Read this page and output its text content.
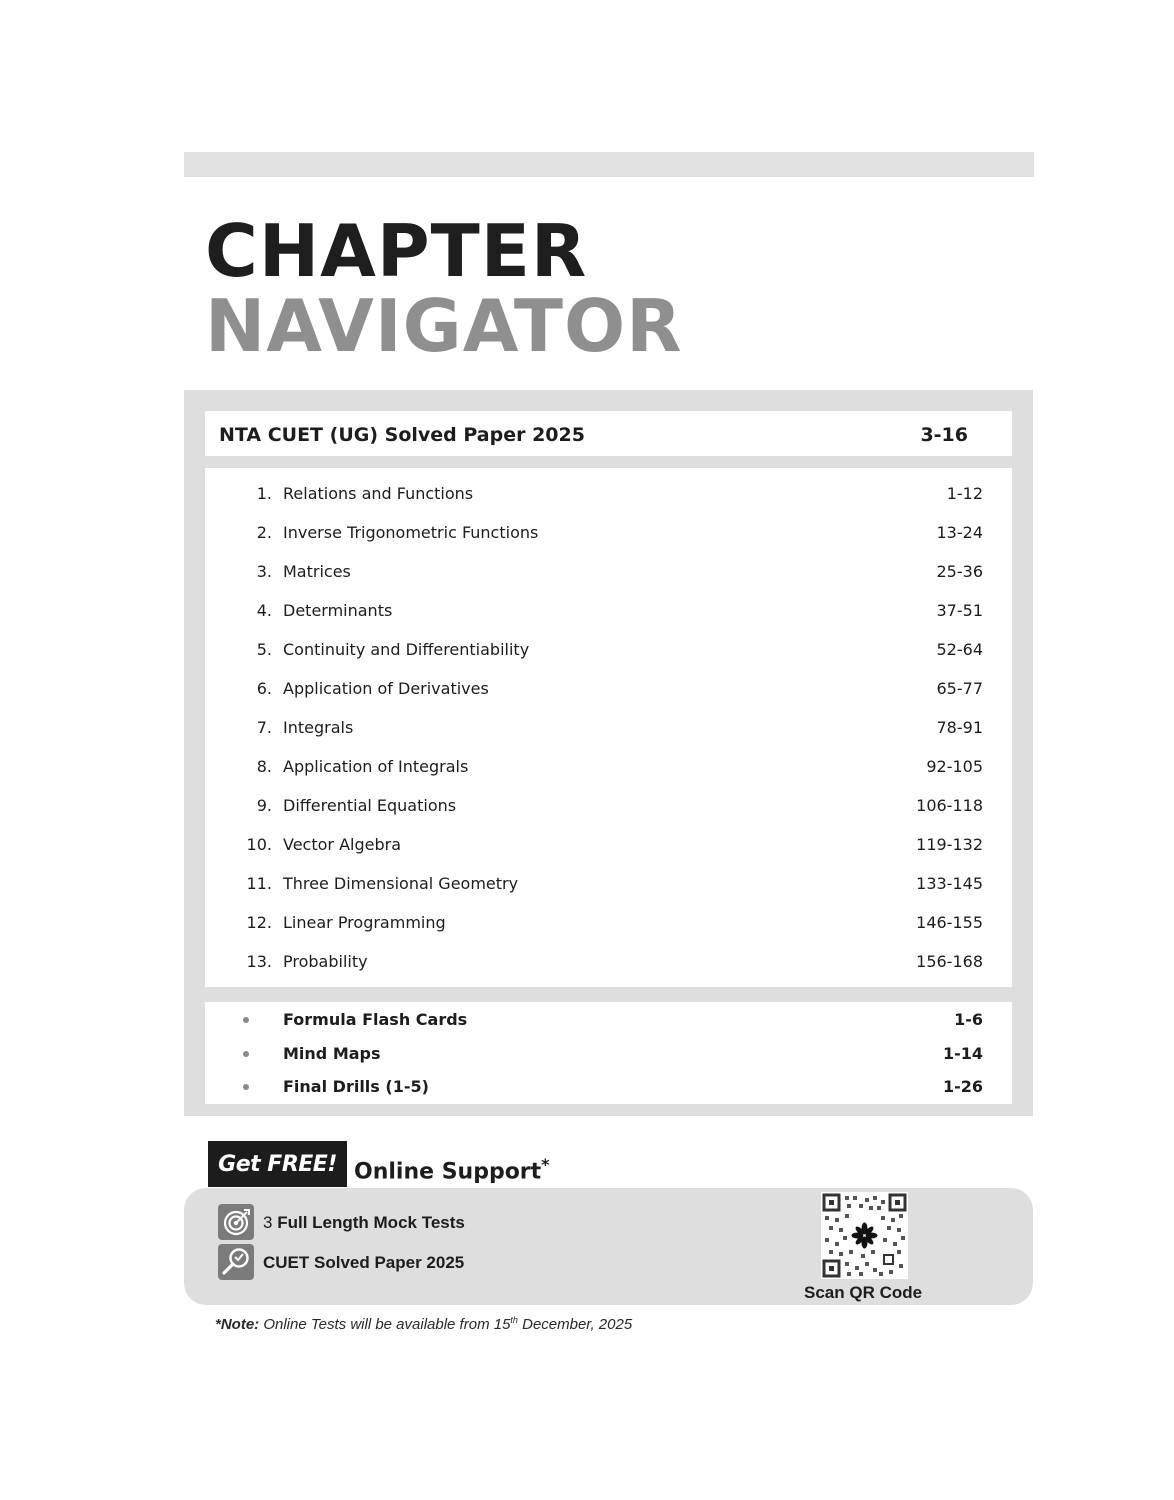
CHAPTER
NAVIGATOR
NTA CUET (UG) Solved Paper 2025	3-16
1. Relations and Functions	1-12
2. Inverse Trigonometric Functions	13-24
3. Matrices	25-36
4. Determinants	37-51
5. Continuity and Differentiability	52-64
6. Application of Derivatives	65-77
7. Integrals	78-91
8. Application of Integrals	92-105
9. Differential Equations	106-118
10. Vector Algebra	119-132
11. Three Dimensional Geometry	133-145
12. Linear Programming	146-155
13. Probability	156-168
Formula Flash Cards	1-6
Mind Maps	1-14
Final Drills (1-5)	1-26
Get FREE! Online Support*
3 Full Length Mock Tests
CUET Solved Paper 2025
Scan QR Code
*Note: Online Tests will be available from 15th December, 2025
